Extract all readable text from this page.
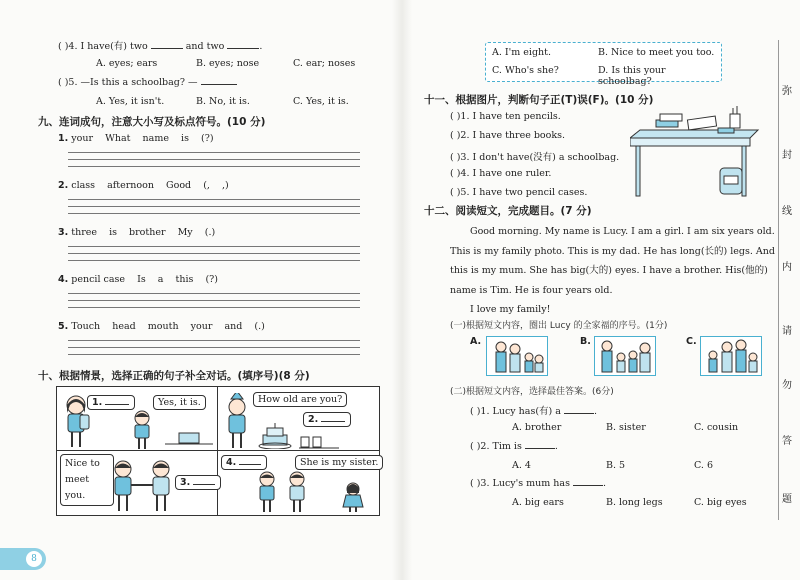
( )4. I have(有) two	and two	.
A. eyes; ears	B. eyes; nose	C. ear; noses
( )5. —Is this a schoolbag? —
A. Yes, it isn't.	B. No, it is.	C. Yes, it is.
九、连词成句，注意大小写及标点符号。(10 分)
1. your    What    name    is    (?)
2. class    afternoon    Good    (,    ,)
3. three    is    brother    My    (.)
4. pencil case    Is    a    this    (?)
5. Touch    head    mouth    your    and    (.)
十、根据情景，选择正确的句子补全对话。(填序号)(8 分)
1.	Yes, it is.	How old are you?
2.
Nice to meet you.
3.
4.	She is my sister.
8
A. I'm eight.	B. Nice to meet you too.
C. Who's she?	D. Is this your schoolbag?
十一、根据图片，判断句子正(T)误(F)。(10 分)
( )1. I have ten pencils.
( )2. I have three books.
( )3. I don't have(没有) a schoolbag.
( )4. I have one ruler.
( )5. I have two pencil cases.
十二、阅读短文，完成题目。(7 分)
Good morning. My name is Lucy. I am a girl. I am six years old.
This is my family photo. This is my dad. He has long(长的) legs. And
this is my mum. She has big(大的) eyes. I have a brother. His(他的)
name is Tim. He is four years old.
I love my family!
(一)根据短文内容，圈出 Lucy 的全家福的序号。(1分)
A.	B.	C.
(二)根据短文内容，选择最佳答案。(6分)
( )1. Lucy has(有) a	.
A. brother	B. sister	C. cousin
( )2. Tim is	.
A. 4	B. 5	C. 6
( )3. Lucy's mum has	.
A. big ears	B. long legs	C. big eyes
弥
封
线
内
请
勿
答
题
